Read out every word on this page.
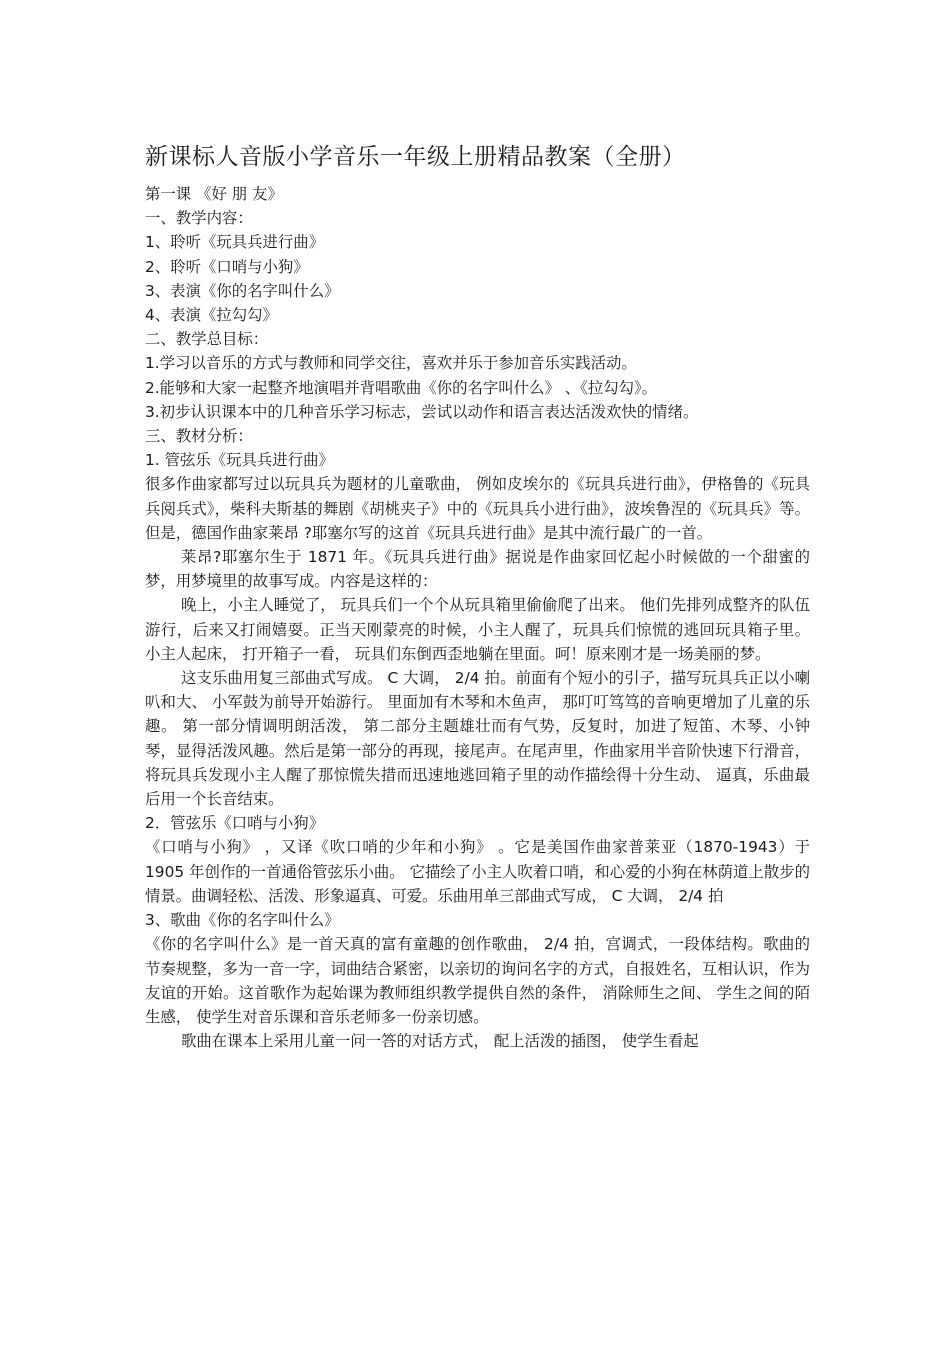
新课标人音版小学音乐一年级上册精品教案（全册）

第一课 《好 朋 友》

一、教学内容：

1、聆听《玩具兵进行曲》

2、聆听《口哨与小狗》

3、表演《你的名字叫什么》

4、表演《拉勾勾》

二、教学总目标：

1.学习以音乐的方式与教师和同学交往，喜欢并乐于参加音乐实践活动。

2.能够和大家一起整齐地演唱并背唱歌曲《你的名字叫什么》 、《拉勾勾》。

3.初步认识课本中的几种音乐学习标志，尝试以动作和语言表达活泼欢快的情绪。

三、教材分析：

1. 管弦乐《玩具兵进行曲》

很多作曲家都写过以玩具兵为题材的儿童歌曲， 例如皮埃尔的《玩具兵进行曲》，伊格鲁的《玩具兵阅兵式》，柴科夫斯基的舞剧《胡桃夹子》中的《玩具兵小进行曲》，波埃鲁涅的《玩具兵》等。但是，德国作曲家莱昂 ?耶塞尔写的这首《玩具兵进行曲》是其中流行最广的一首。

莱昂?耶塞尔生于 1871 年。《玩具兵进行曲》据说是作曲家回忆起小时候做的一个甜蜜的梦，用梦境里的故事写成。内容是这样的：

晚上，小主人睡觉了， 玩具兵们一个个从玩具箱里偷偷爬了出来。 他们先排列成整齐的队伍游行，后来又打闹嬉耍。正当天刚蒙亮的时候，小主人醒了，玩具兵们惊慌的逃回玩具箱子里。 小主人起床， 打开箱子一看， 玩具们东倒西歪地躺在里面。呵！原来刚才是一场美丽的梦。

这支乐曲用复三部曲式写成。 C 大调， 2/4 拍。前面有个短小的引子，描写玩具兵正以小喇叭和大、 小军鼓为前导开始游行。 里面加有木琴和木鱼声， 那叮叮笃笃的音响更增加了儿童的乐趣。 第一部分情调明朗活泼， 第二部分主题雄壮而有气势，反复时，加进了短笛、木琴、小钟琴，显得活泼风趣。然后是第一部分的再现，接尾声。在尾声里，作曲家用半音阶快速下行滑音，将玩具兵发现小主人醒了那惊慌失措而迅速地逃回箱子里的动作描绘得十分生动、 逼真，乐曲最后用一个长音结束。

2．管弦乐《口哨与小狗》

《口哨与小狗》 ，又译《吹口哨的少年和小狗》 。它是美国作曲家普莱亚（1870-1943）于 1905 年创作的一首通俗管弦乐小曲。 它描绘了小主人吹着口哨，和心爱的小狗在林荫道上散步的情景。曲调轻松、活泼、形象逼真、可爱。乐曲用单三部曲式写成， C 大调， 2/4 拍

3、歌曲《你的名字叫什么》

《你的名字叫什么》是一首天真的富有童趣的创作歌曲， 2/4 拍，宫调式，一段体结构。歌曲的节奏规整，多为一音一字，词曲结合紧密，以亲切的询问名字的方式，自报姓名，互相认识，作为友谊的开始。这首歌作为起始课为教师组织教学提供自然的条件， 消除师生之间、 学生之间的陌生感， 使学生对音乐课和音乐老师多一份亲切感。

歌曲在课本上采用儿童一问一答的对话方式， 配上活泼的插图， 使学生看起
